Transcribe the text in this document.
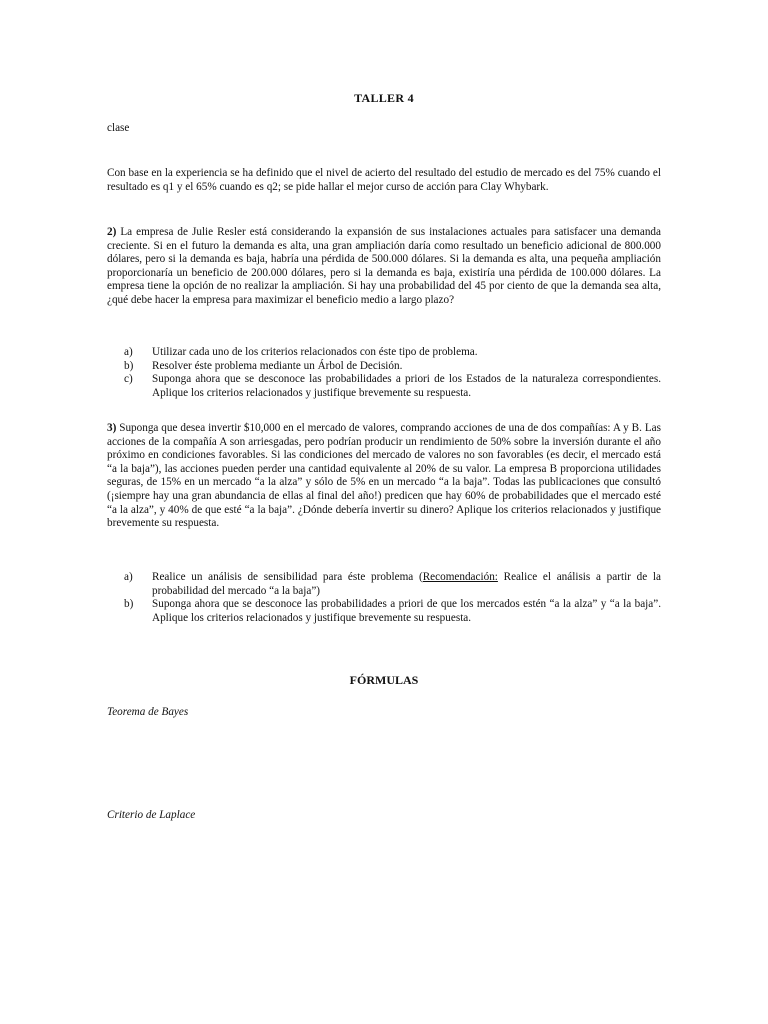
TALLER 4
clase
Con base en la experiencia se ha definido que el nivel de acierto del resultado del estudio de mercado es del 75% cuando el resultado es q1 y el 65% cuando es q2; se pide hallar el mejor curso de acción para Clay Whybark.
2) La empresa de Julie Resler está considerando la expansión de sus instalaciones actuales para satisfacer una demanda creciente. Si en el futuro la demanda es alta, una gran ampliación daría como resultado un beneficio adicional de 800.000 dólares, pero si la demanda es baja, habría una pérdida de 500.000 dólares. Si la demanda es alta, una pequeña ampliación proporcionaría un beneficio de 200.000 dólares, pero si la demanda es baja, existiría una pérdida de 100.000 dólares. La empresa tiene la opción de no realizar la ampliación. Si hay una probabilidad del 45 por ciento de que la demanda sea alta, ¿qué debe hacer la empresa para maximizar el beneficio medio a largo plazo?
a) Utilizar cada uno de los criterios relacionados con éste tipo de problema.
b) Resolver éste problema mediante un Árbol de Decisión.
c) Suponga ahora que se desconoce las probabilidades a priori de los Estados de la naturaleza correspondientes. Aplique los criterios relacionados y justifique brevemente su respuesta.
3) Suponga que desea invertir $10,000 en el mercado de valores, comprando acciones de una de dos compañías: A y B. Las acciones de la compañía A son arriesgadas, pero podrían producir un rendimiento de 50% sobre la inversión durante el año próximo en condiciones favorables. Si las condiciones del mercado de valores no son favorables (es decir, el mercado está “a la baja”), las acciones pueden perder una cantidad equivalente al 20% de su valor. La empresa B proporciona utilidades seguras, de 15% en un mercado “a la alza” y sólo de 5% en un mercado “a la baja”. Todas las publicaciones que consultó (¡siempre hay una gran abundancia de ellas al final del año!) predicen que hay 60% de probabilidades que el mercado esté “a la alza”, y 40% de que esté “a la baja”. ¿Dónde debería invertir su dinero? Aplique los criterios relacionados y justifique brevemente su respuesta.
a) Realice un análisis de sensibilidad para éste problema (Recomendación: Realice el análisis a partir de la probabilidad del mercado “a la baja”)
b) Suponga ahora que se desconoce las probabilidades a priori de que los mercados estén “a la alza” y “a la baja”. Aplique los criterios relacionados y justifique brevemente su respuesta.
FÓRMULAS
Teorema de Bayes
Criterio de Laplace
